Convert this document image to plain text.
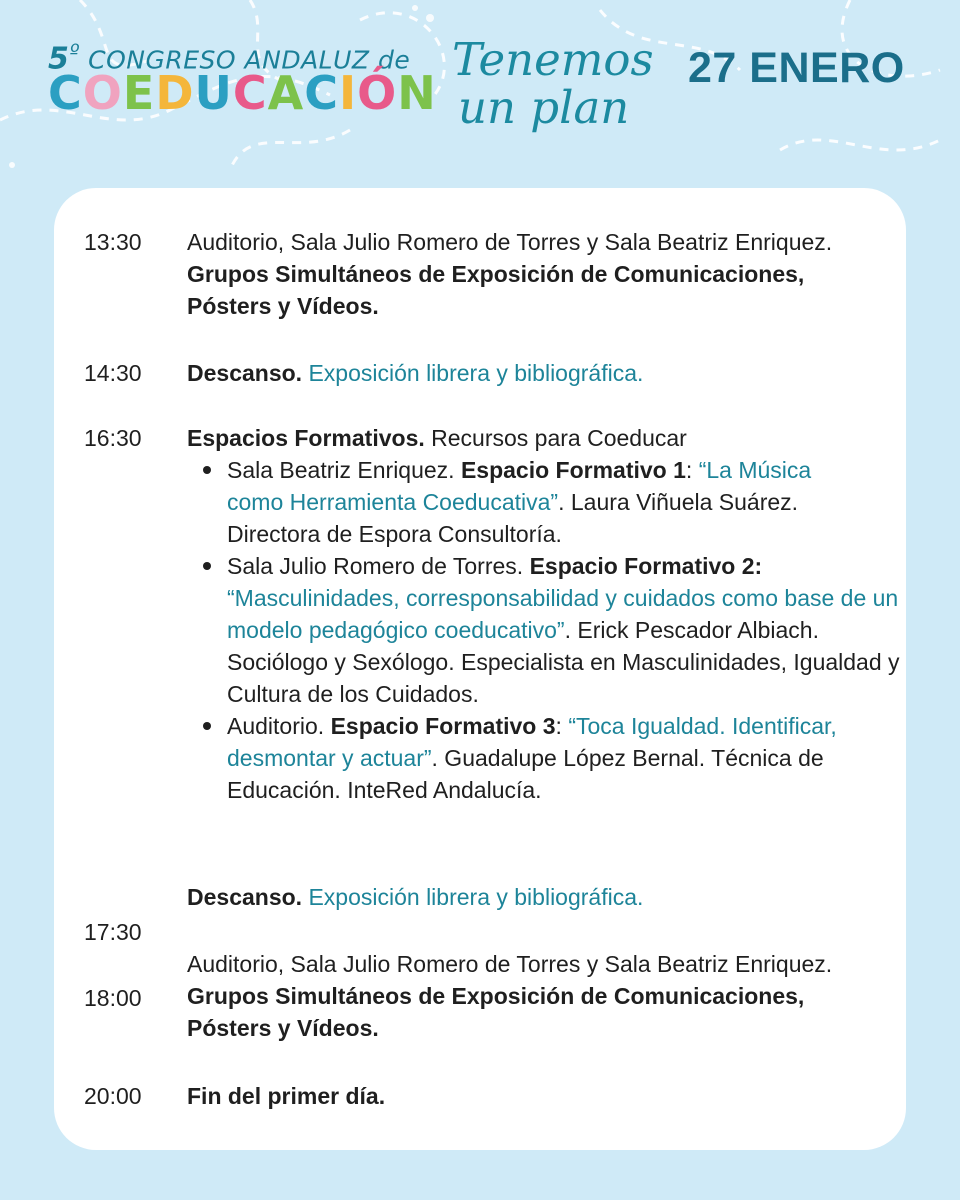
$5^º$ CONGRESO ANDALUZ de
COEDUCACIÓN
Tenemos
un plan
27 ENERO
13:30 Auditorio, Sala Julio Romero de Torres y Sala Beatriz Enriquez. Grupos Simultáneos de Exposición de Comunicaciones, Pósters y Vídeos.
14:30 Descanso. Exposición librera y bibliográfica.
16:30 Espacios Formativos. Recursos para Coeducar
Sala Beatriz Enriquez. Espacio Formativo 1: “La Música como Herramienta Coeducativa”. Laura Viñuela Suárez. Directora de Espora Consultoría.
Sala Julio Romero de Torres. Espacio Formativo 2: “Masculinidades, corresponsabilidad y cuidados como base de un modelo pedagógico coeducativo”. Erick Pescador Albiach. Sociólogo y Sexólogo. Especialista en Masculinidades, Igualdad y Cultura de los Cuidados.
Auditorio. Espacio Formativo 3: “Toca Igualdad. Identificar, desmontar y actuar”. Guadalupe López Bernal. Técnica de Educación. InteRed Andalucía.
Descanso. Exposición librera y bibliográfica.
17:30
18:00
Auditorio, Sala Julio Romero de Torres y Sala Beatriz Enriquez. Grupos Simultáneos de Exposición de Comunicaciones, Pósters y Vídeos.
20:00 Fin del primer día.
